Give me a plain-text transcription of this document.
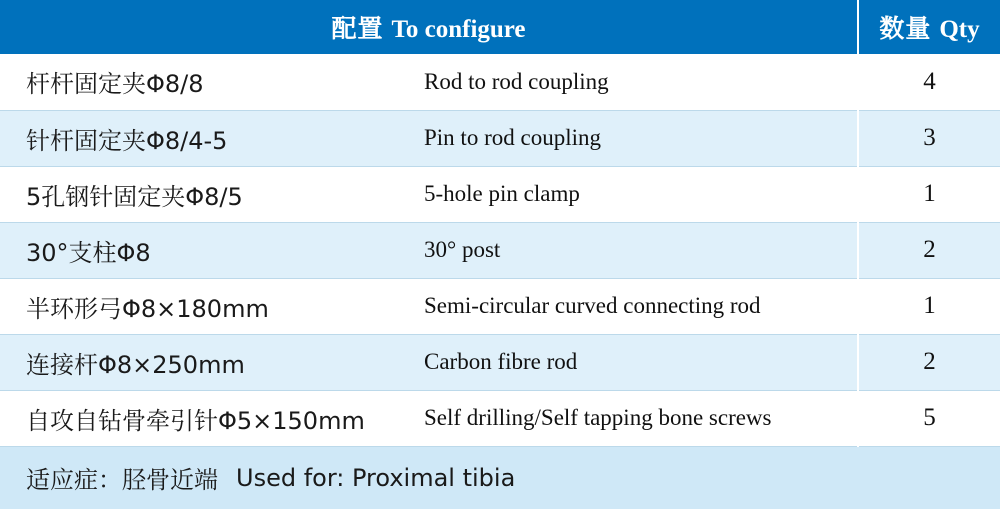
配置 To configure		数量 Qty
杆杆固定夹Φ8/8	Rod to rod coupling	4
针杆固定夹Φ8/4-5	Pin to rod coupling	3
5孔钢针固定夹Φ8/5	5-hole pin clamp	1
30°支柱Φ8	30° post	2
半环形弓Φ8×180mm	Semi-circular curved connecting rod	1
连接杆Φ8×250mm	Carbon fibre rod	2
自攻自钻骨牵引针Φ5×150mm	Self drilling/Self tapping bone screws	5

适应症：胫骨近端 Used for: Proximal tibia		
